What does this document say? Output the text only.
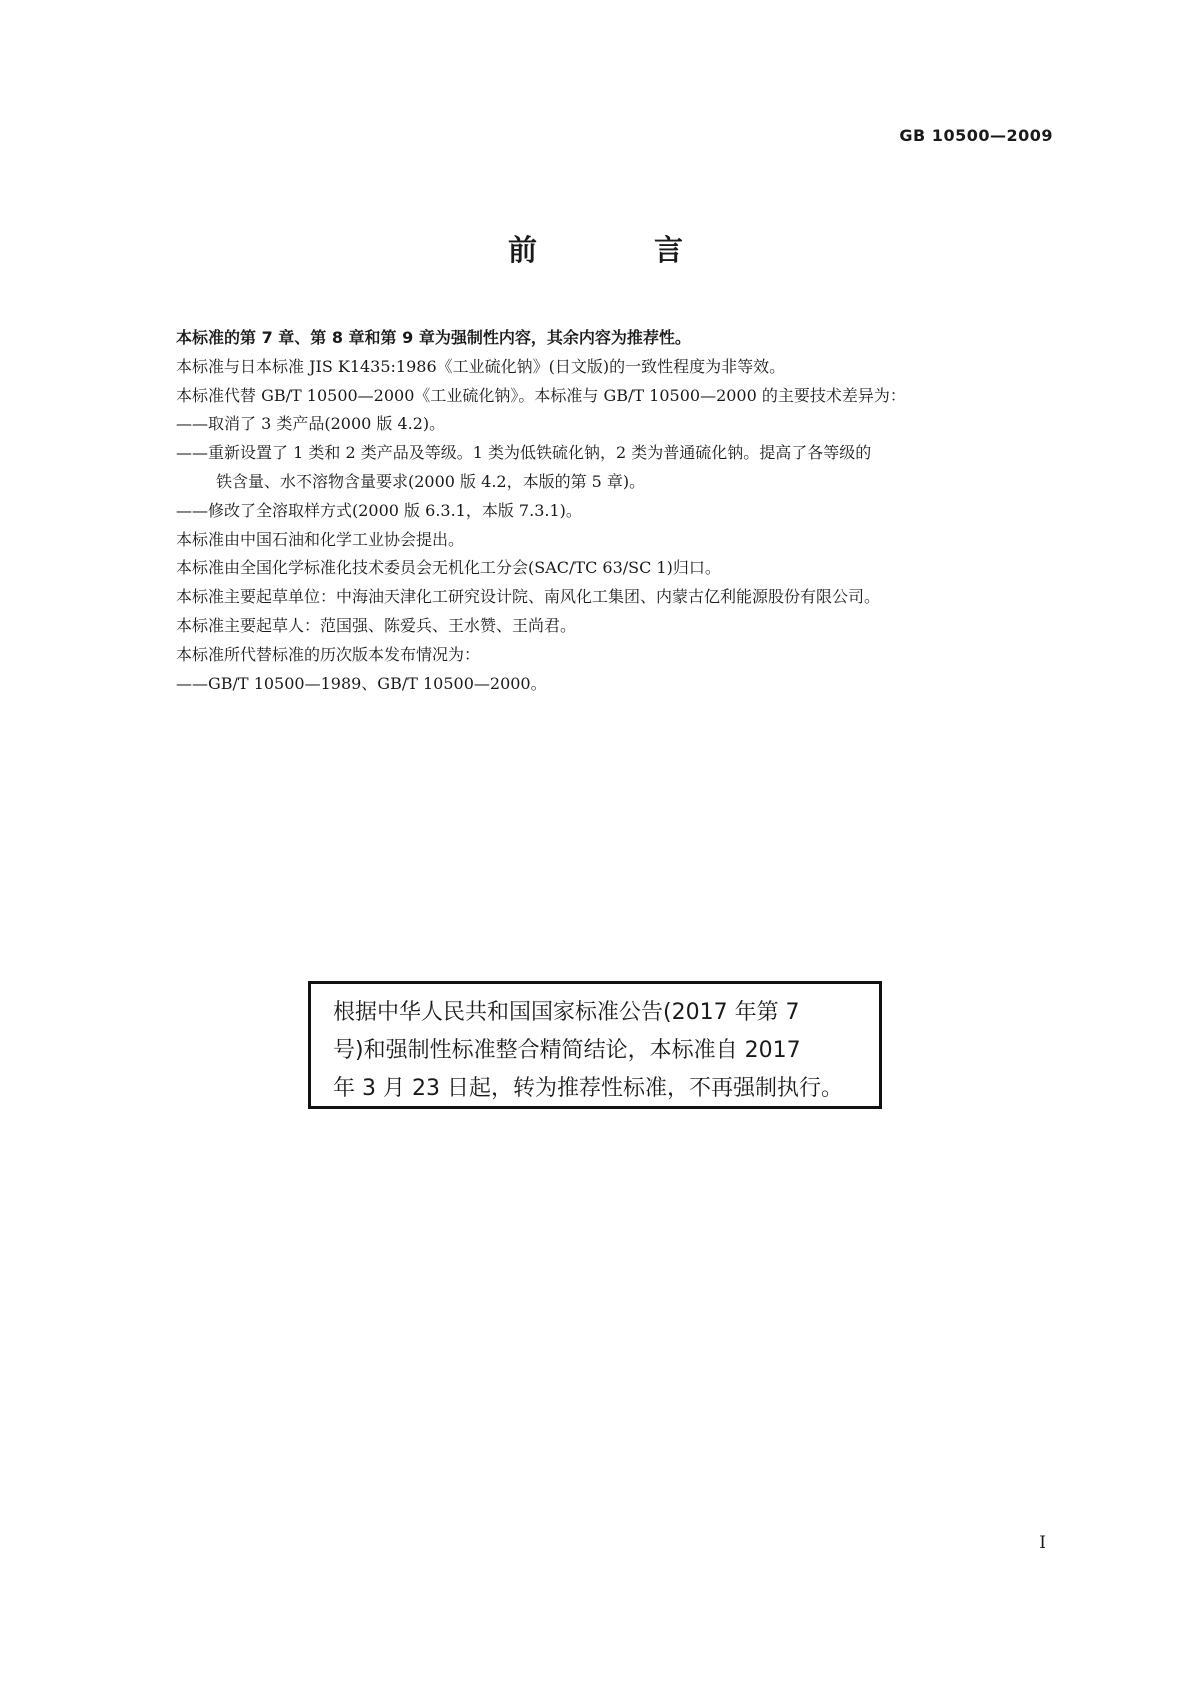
GB 10500—2009
前　言

本标准的第 7 章、第 8 章和第 9 章为强制性内容，其余内容为推荐性。

本标准与日本标准 JIS K1435:1986《工业硫化钠》(日文版)的一致性程度为非等效。

本标准代替 GB/T 10500—2000《工业硫化钠》。本标准与 GB/T 10500—2000 的主要技术差异为：

——取消了 3 类产品(2000 版 4.2)。

——重新设置了 1 类和 2 类产品及等级。1 类为低铁硫化钠，2 类为普通硫化钠。提高了各等级的

铁含量、水不溶物含量要求(2000 版 4.2，本版的第 5 章)。

——修改了全溶取样方式(2000 版 6.3.1，本版 7.3.1)。

本标准由中国石油和化学工业协会提出。

本标准由全国化学标准化技术委员会无机化工分会(SAC/TC 63/SC 1)归口。

本标准主要起草单位：中海油天津化工研究设计院、南风化工集团、内蒙古亿利能源股份有限公司。

本标准主要起草人：范国强、陈爱兵、王水赞、王尚君。

本标准所代替标准的历次版本发布情况为：

——GB/T 10500—1989、GB/T 10500—2000。

根据中华人民共和国国家标准公告(2017 年第 7
号)和强制性标准整合精简结论，本标准自 2017
年 3 月 23 日起，转为推荐性标准，不再强制执行。
I
